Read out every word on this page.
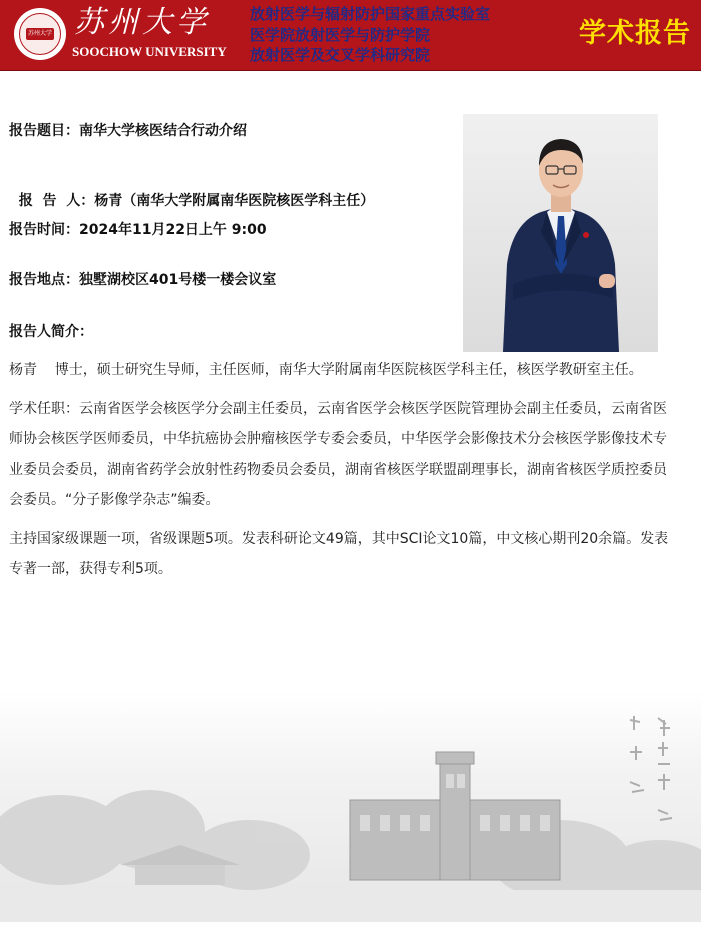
苏州大学 苏州大学
SOOCHOW UNIVERSITY
放射医学与辐射防护国家重点实验室
医学院放射医学与防护学院
放射医学及交叉学科研究院
学术报告
报告题目：南华大学核医结合行动介绍

报  告  人：杨青（南华大学附属南华医院核医学科主任）

报告时间：2024年11月22日上午 9:00
报告地点：独墅湖校区401号楼一楼会议室
报告人简介：

杨青    博士，硕士研究生导师，主任医师，南华大学附属南华医院核医学科主任，核医学教研室主任。

学术任职：云南省医学会核医学分会副主任委员，云南省医学会核医学医院管理协会副主任委员，云南省医师协会核医学医师委员，中华抗癌协会肿瘤核医学专委会委员，中华医学会影像技术分会核医学影像技术专业委员会委员，湖南省药学会放射性药物委员会委员，湖南省核医学联盟副理事长，湖南省核医学质控委员会委员。“分子影像学杂志”编委。

主持国家级课题一项，省级课题5项。发表科研论文49篇，其中SCI论文10篇，中文核心期刊20余篇。发表专著一部，获得专利5项。
